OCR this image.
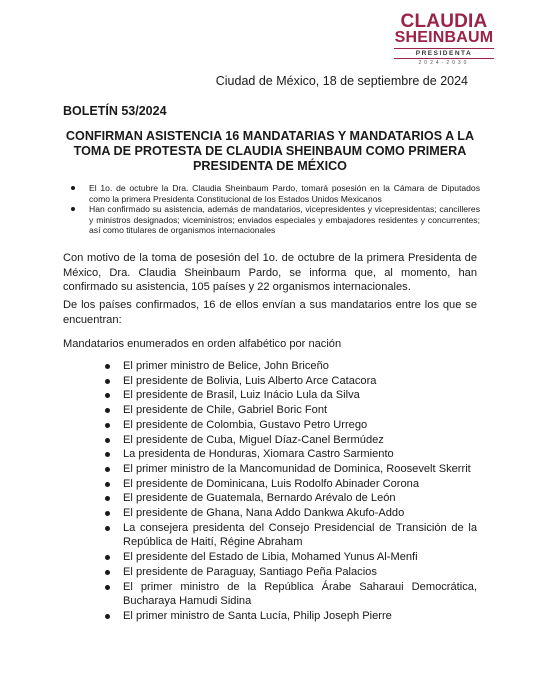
CLAUDIA
SHEINBAUM
PRESIDENTA
2024-2030
Ciudad de México, 18 de septiembre de 2024
BOLETÍN 53/2024
CONFIRMAN ASISTENCIA 16 MANDATARIAS Y MANDATARIOS A LA TOMA DE PROTESTA DE CLAUDIA SHEINBAUM COMO PRIMERA PRESIDENTA DE MÉXICO
El 1o. de octubre la Dra. Claudia Sheinbaum Pardo, tomará posesión en la Cámara de Diputados como la primera Presidenta Constitucional de los Estados Unidos Mexicanos
Han confirmado su asistencia, además de mandatarios, vicepresidentes y vicepresidentas; cancilleres y ministros designados; viceministros; enviados especiales y embajadores residentes y concurrentes; así como titulares de organismos internacionales

Con motivo de la toma de posesión del 1o. de octubre de la primera Presidenta de México, Dra. Claudia Sheinbaum Pardo, se informa que, al momento, han confirmado su asistencia, 105 países y 22 organismos internacionales.

De los países confirmados, 16 de ellos envían a sus mandatarios entre los que se encuentran:

Mandatarios enumerados en orden alfabético por nación

El primer ministro de Belice, John Briceño
El presidente de Bolivia, Luis Alberto Arce Catacora
El presidente de Brasil, Luiz Inácio Lula da Silva
El presidente de Chile, Gabriel Boric Font
El presidente de Colombia, Gustavo Petro Urrego
El presidente de Cuba, Miguel Díaz-Canel Bermúdez
La presidenta de Honduras, Xiomara Castro Sarmiento
El primer ministro de la Mancomunidad de Dominica, Roosevelt Skerrit
El presidente de Dominicana, Luis Rodolfo Abinader Corona
El presidente de Guatemala, Bernardo Arévalo de León
El presidente de Ghana, Nana Addo Dankwa Akufo-Addo
La consejera presidenta del Consejo Presidencial de Transición de la República de Haití, Régine Abraham
El presidente del Estado de Libia, Mohamed Yunus Al-Menfi
El presidente de Paraguay, Santiago Peña Palacios
El primer ministro de la República Árabe Saharaui Democrática, Bucharaya Hamudi Sidina
El primer ministro de Santa Lucía, Philip Joseph Pierre
